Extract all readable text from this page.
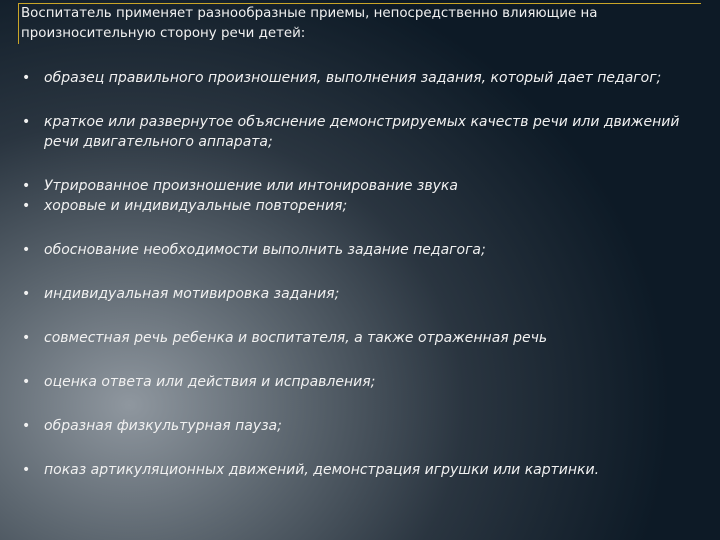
Воспитатель применяет разнообразные приемы, непосредственно влияющие на произносительную сторону речи детей:
• образец правильного произношения, выполнения задания, который дает педагог;
• краткое или развернутое объяснение демонстрируемых качеств речи или движений речи двигательного аппарата;
• Утрированное произношение или интонирование звука
• хоровые и индивидуальные повторения;
• обоснование необходимости выполнить задание педагога;
• индивидуальная мотивировка задания;
• совместная речь ребенка и воспитателя, а также отраженная речь
• оценка ответа или действия и исправления;
• образная физкультурная пауза;
• показ артикуляционных движений, демонстрация игрушки или картинки.
